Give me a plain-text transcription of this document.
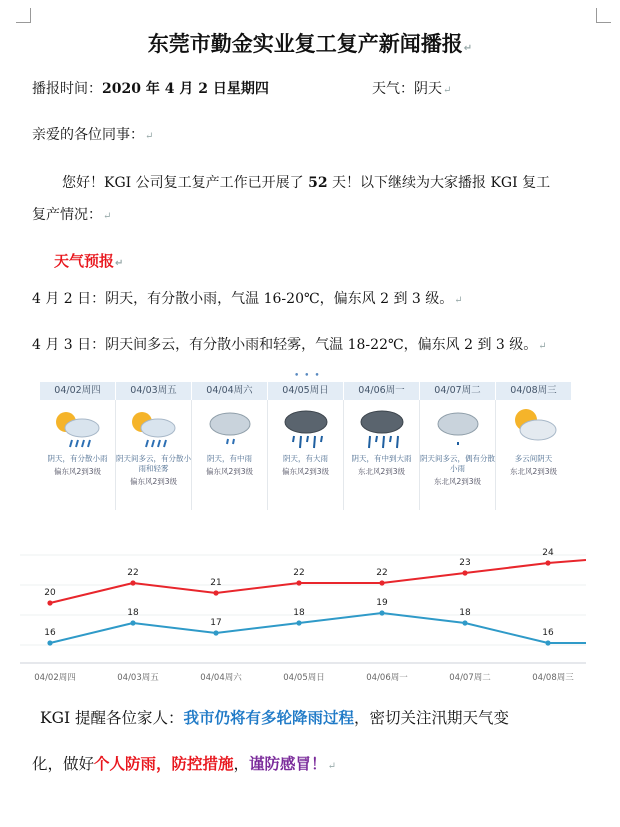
东莞市勤金实业复工复产新闻播报↵
播报时间：2020 年 4 月 2 日星期四	天气：阴天↵
亲爱的各位同事：↵
您好！KGI 公司复工复产工作已开展了 52 天！以下继续为大家播报 KGI 复工
复产情况：↵
天气预报↵
4 月 2 日：阴天，有分散小雨，气温 16-20℃，偏东风 2 到 3 级。↵
4 月 3 日：阴天间多云，有分散小雨和轻雾，气温 18-22℃，偏东风 2 到 3 级。↵
• • •
04/02周四
阴天，有分散小雨
偏东风2到3级
04/03周五
阴天间多云，有分散小雨和轻雾
偏东风2到3级
04/04周六
阴天，有中雨
偏东风2到3级
04/05周日
阴天，有大雨
偏东风2到3级
04/06周一
阴天，有中到大雨
东北风2到3级
04/07周二
阴天间多云，偶有分散小雨
东北风2到3级
04/08周三
多云间阴天
东北风2到3级
20
22
21
22	22
23
24
16
18
17
18
19
18
16
04/02周四	04/03周五	04/04周六	04/05周日	04/06周一	04/07周二	04/08周三
KGI 提醒各位家人：我市仍将有多轮降雨过程，密切关注汛期天气变
化，做好个人防雨，防控措施，谨防感冒！↵
